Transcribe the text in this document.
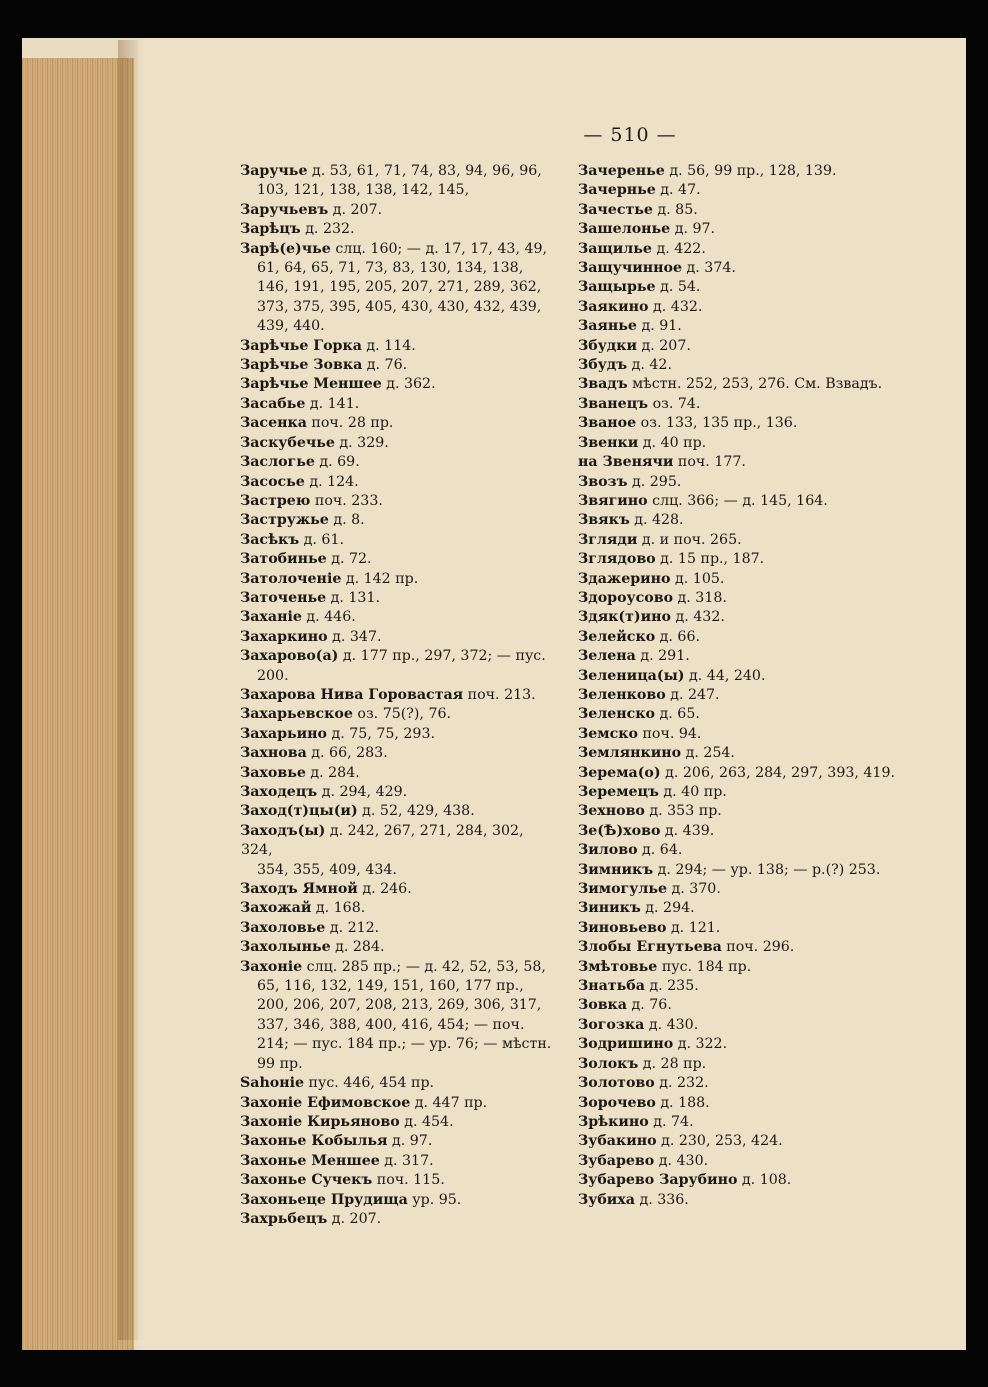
— 510 —
Заручье д. 53, 61, 71, 74, 83, 94, 96, 96,
103, 121, 138, 138, 142, 145,
Заручьевъ д. 207.
Зарѣцъ д. 232.
Зарѣ(е)чье слц. 160; — д. 17, 17, 43, 49,
61, 64, 65, 71, 73, 83, 130, 134, 138,
146, 191, 195, 205, 207, 271, 289, 362,
373, 375, 395, 405, 430, 430, 432, 439,
439, 440.
Зарѣчье Горка д. 114.
Зарѣчье Зовка д. 76.
Зарѣчье Меншее д. 362.
Засабье д. 141.
Засенка поч. 28 пр.
Заскубечье д. 329.
Заслогье д. 69.
Засосье д. 124.
Застрею поч. 233.
Застружье д. 8.
Засѣкъ д. 61.
Затобинье д. 72.
Затолоченіе д. 142 пр.
Заточенье д. 131.
Заханіе д. 446.
Захаркино д. 347.
Захарово(а) д. 177 пр., 297, 372; — пус.
200.
Захарова Нива Горовастая поч. 213.
Захарьевское оз. 75(?), 76.
Захарьино д. 75, 75, 293.
Захнова д. 66, 283.
Заховье д. 284.
Заходецъ д. 294, 429.
Заход(т)цы(и) д. 52, 429, 438.
Заходъ(ы) д. 242, 267, 271, 284, 302, 324,
354, 355, 409, 434.
Заходъ Ямной д. 246.
Захожай д. 168.
Захоловье д. 212.
Захолынье д. 284.
Захоніе слц. 285 пр.; — д. 42, 52, 53, 58,
65, 116, 132, 149, 151, 160, 177 пр.,
200, 206, 207, 208, 213, 269, 306, 317,
337, 346, 388, 400, 416, 454; — поч.
214; — пус. 184 пр.; — ур. 76; — мѣстн.
99 пр.
Ѕаhоніе пус. 446, 454 пр.
Захоніе Ефимовское д. 447 пр.
Захоніе Кирьяново д. 454.
Захонье Кобылья д. 97.
Захонье Меншее д. 317.
Захонье Сучекъ поч. 115.
Захоньеце Прудища ур. 95.
Захрьбецъ д. 207.
Зачеренье д. 56, 99 пр., 128, 139.
Зачернье д. 47.
Зачестье д. 85.
Зашелонье д. 97.
Защилье д. 422.
Защучинное д. 374.
Защырье д. 54.
Заякино д. 432.
Заянье д. 91.
Збудки д. 207.
Збудъ д. 42.
Звадъ мѣстн. 252, 253, 276. См. Взвадъ.
Званецъ оз. 74.
Званое оз. 133, 135 пр., 136.
Звенки д. 40 пр.
на Звенячи поч. 177.
Звозъ д. 295.
Звягино слц. 366; — д. 145, 164.
Звякъ д. 428.
Згляди д. и поч. 265.
Зглядово д. 15 пр., 187.
Здажерино д. 105.
Здороусово д. 318.
Здяк(т)ино д. 432.
Зелейско д. 66.
Зелена д. 291.
Зеленица(ы) д. 44, 240.
Зеленково д. 247.
Зеленско д. 65.
Земско поч. 94.
Землянкино д. 254.
Зерема(о) д. 206, 263, 284, 297, 393, 419.
Зеремецъ д. 40 пр.
Зехново д. 353 пр.
Зе(Ѣ)хово д. 439.
Зилово д. 64.
Зимникъ д. 294; — ур. 138; — р.(?) 253.
Зимогулье д. 370.
Зиникъ д. 294.
Зиновьево д. 121.
Злобы Егнутьева поч. 296.
Змѣтовье пус. 184 пр.
Знатьба д. 235.
Зовка д. 76.
Зогозка д. 430.
Зодришино д. 322.
Золокъ д. 28 пр.
Золотово д. 232.
Зорочево д. 188.
Зрѣкино д. 74.
Зубакино д. 230, 253, 424.
Зубарево д. 430.
Зубарево Зарубино д. 108.
Зубиха д. 336.
